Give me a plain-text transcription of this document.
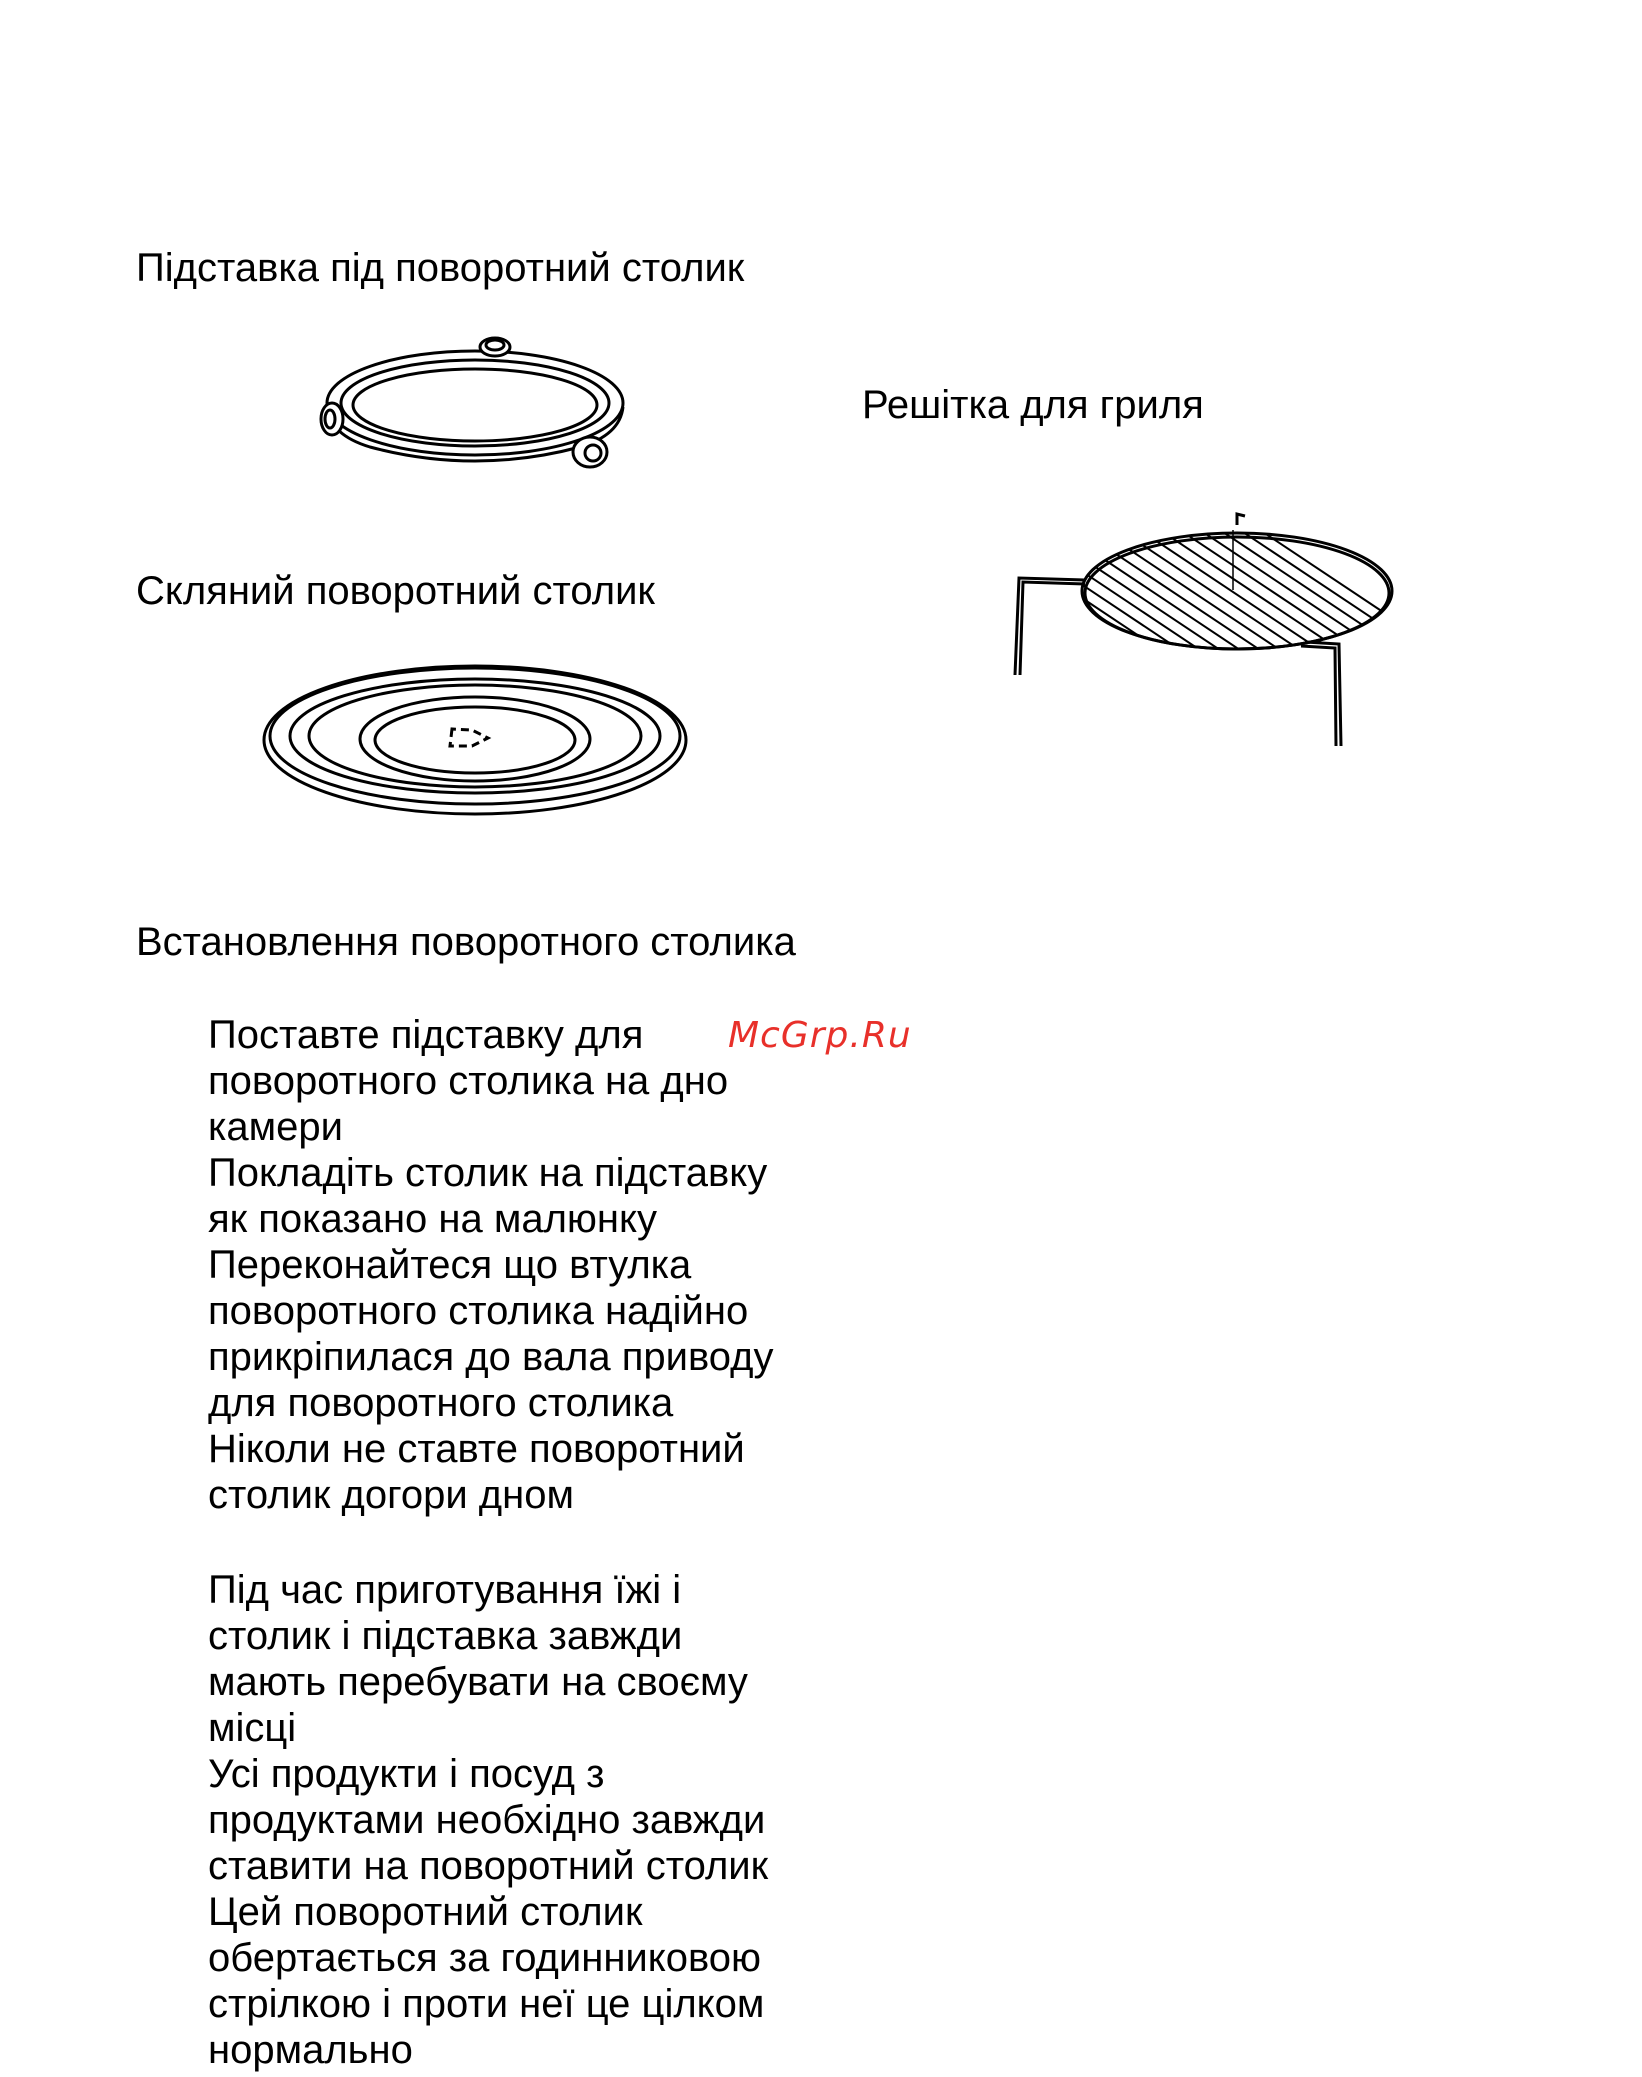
Підставка під поворотний столик
Решітка для гриля
Скляний поворотний столик
Встановлення поворотного столика
Поставте підставку для
поворотного столика на дно
камери
Покладіть столик на підставку
як показано на малюнку
Переконайтеся що втулка
поворотного столика надійно
прикріпилася до вала приводу
для поворотного столика
Ніколи не ставте поворотний
столик догори дном
Під час приготування їжі і
столик і підставка завжди
мають перебувати на своєму
місці
Усі продукти і посуд з
продуктами необхідно завжди
ставити на поворотний столик
Цей поворотний столик
обертається за годинниковою
стрілкою і проти неї це цілком
нормально
McGrp.Ru
